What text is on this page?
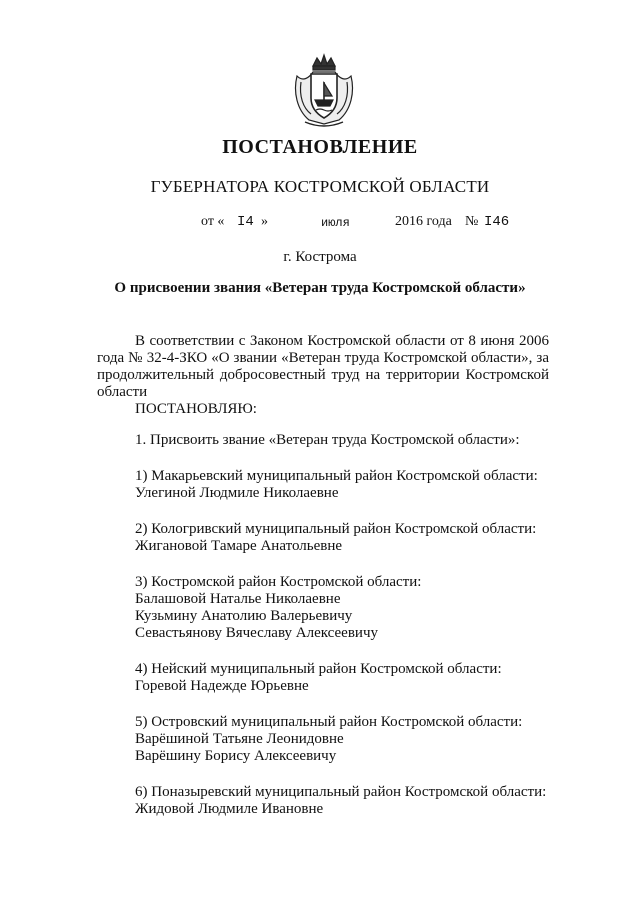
ПОСТАНОВЛЕНИЕ
ГУБЕРНАТОРА КОСТРОМСКОЙ ОБЛАСТИ
от « I4 »	июля	2016 года № I46
г. Кострома
О присвоении звания «Ветеран труда Костромской области»

В соответствии с Законом Костромской области от 8 июня 2006 года № 32-4-ЗКО «О звании «Ветеран труда Костромской области», за продолжительный добросовестный труд на территории Костромской области

ПОСТАНОВЛЯЮ:
1. Присвоить звание «Ветеран труда Костромской области»:
1) Макарьевский муниципальный район Костромской области:
Улегиной Людмиле Николаевне
2) Кологривский муниципальный район Костромской области:
Жигановой Тамаре Анатольевне
3) Костромской район Костромской области:
Балашовой Наталье Николаевне
Кузьмину Анатолию Валерьевичу
Севастьянову Вячеславу Алексеевичу
4) Нейский муниципальный район Костромской области:
Горевой Надежде Юрьевне
5) Островский муниципальный район Костромской области:
Варёшиной Татьяне Леонидовне
Варёшину Борису Алексеевичу
6) Поназыревский муниципальный район Костромской области:
Жидовой Людмиле Ивановне
